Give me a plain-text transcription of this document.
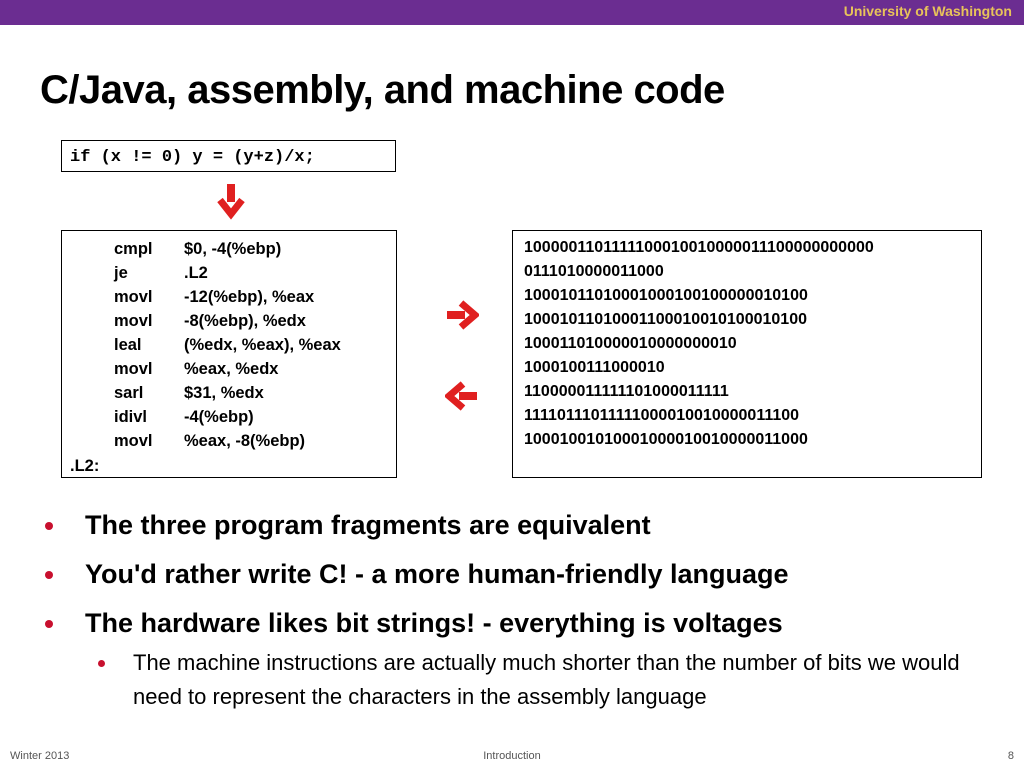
University of Washington
C/Java, assembly, and machine code
if (x != 0) y = (y+z)/x;
.L2:
cmpl $0, -4(%ebp)
je	.L2
movl -12(%ebp), %eax
movl -8(%ebp), %edx
leal	(%edx, %eax), %eax
movl %eax, %edx
sarl $31, %edx
idivl -4(%ebp)
movl %eax, -8(%ebp)
1000001101111100010010000011100000000000
0111010000011000
10001011010001000100100000010100
10001011010001100010010100010100
100011010000010000000010
1000100111000010
110000011111101000011111
11110111011111000010010000011100
10001001010001000010010000011000
The three program fragments are equivalent
You'd rather write C! - a more human-friendly language
The hardware likes bit strings! - everything is voltages
The machine instructions are actually much shorter than the number of bits we would need to represent the characters in the assembly language
Winter 2013	Introduction	8
